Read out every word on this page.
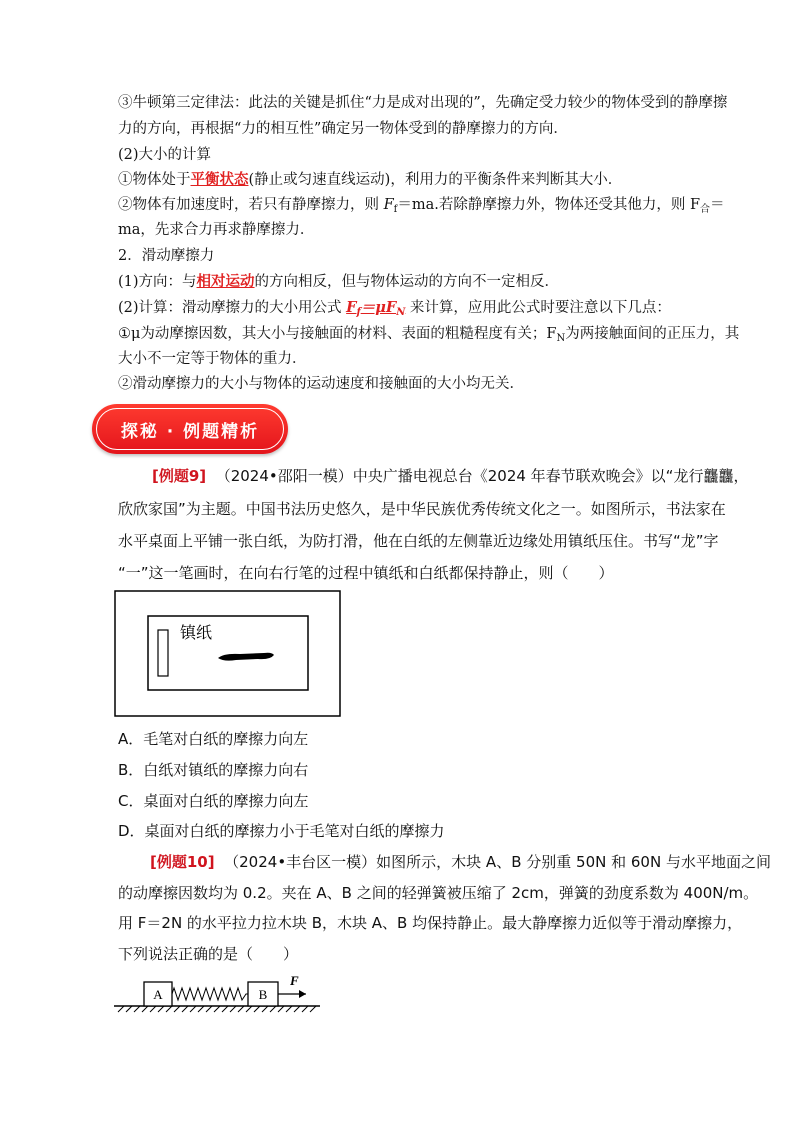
③牛顿第三定律法：此法的关键是抓住“力是成对出现的”，先确定受力较少的物体受到的静摩擦
力的方向，再根据“力的相互性”确定另一物体受到的静摩擦力的方向．
(2)大小的计算
①物体处于平衡状态(静止或匀速直线运动)，利用力的平衡条件来判断其大小．
②物体有加速度时，若只有静摩擦力，则 $F_f=ma$.若除静摩擦力外，物体还受其他力，则 $F_合=$
ma，先求合力再求静摩擦力．
2．滑动摩擦力
(1)方向：与相对运动的方向相反，但与物体运动的方向不一定相反．
(2)计算：滑动摩擦力的大小用公式 $F_f=\mu F_N$ 来计算，应用此公式时要注意以下几点：
①μ为动摩擦因数，其大小与接触面的材料、表面的粗糙程度有关；$F_N$为两接触面间的正压力，其
大小不一定等于物体的重力．
②滑动摩擦力的大小与物体的运动速度和接触面的大小均无关．
探秘 · 例题精析
[例题9] （2024•邵阳一模）中央广播电视总台《2024 年春节联欢晚会》以“龙行龘龘，
欣欣家国”为主题。中国书法历史悠久，是中华民族优秀传统文化之一。如图所示，书法家在
水平桌面上平铺一张白纸，为防打滑，他在白纸的左侧靠近边缘处用镇纸压住。书写“龙”字
“一”这一笔画时，在向右行笔的过程中镇纸和白纸都保持静止，则（　　）
镇纸
A．毛笔对白纸的摩擦力向左
B．白纸对镇纸的摩擦力向右
C．桌面对白纸的摩擦力向左
D．桌面对白纸的摩擦力小于毛笔对白纸的摩擦力
[例题10] （2024•丰台区一模）如图所示，木块 A、B 分别重 50N 和 60N 与水平地面之间
的动摩擦因数均为 0.2。夹在 A、B 之间的轻弹簧被压缩了 2cm，弹簧的劲度系数为 400N/m。
用 F＝2N 的水平拉力拉木块 B，木块 A、B 均保持静止。最大静摩擦力近似等于滑动摩擦力，
下列说法正确的是（　　）
A	B
F
